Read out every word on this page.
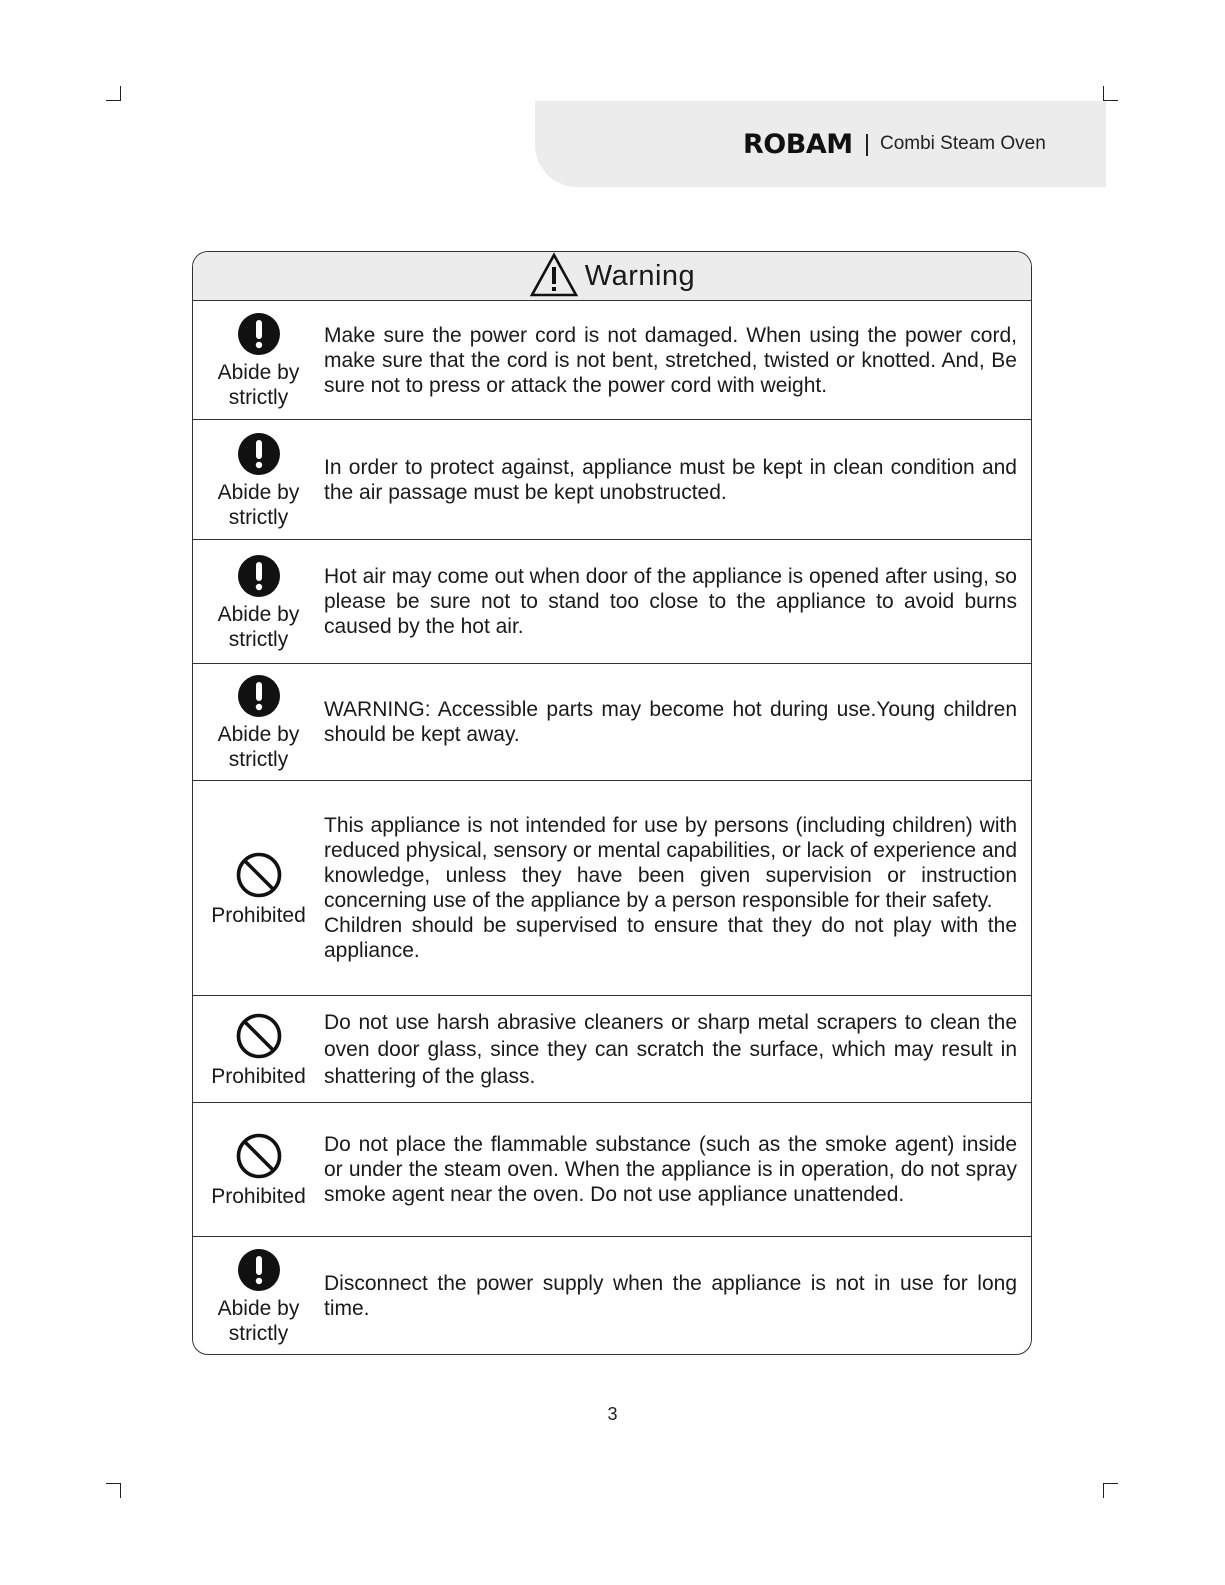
ROBAM Combi Steam Oven
Warning
Abide by
strictly

Make sure the power cord is not damaged. When using the power cord, make sure that the cord is not bent, stretched, twisted or knotted. And, Be sure not to press or attack the power cord with weight.

Abide by
strictly

In order to protect against, appliance must be kept in clean condition and the air passage must be kept unobstructed.

Abide by
strictly

Hot air may come out when door of the appliance is opened after using, so please be sure not to stand too close to the appliance to avoid burns caused by the hot air.

Abide by
strictly

WARNING: Accessible parts may become hot during use.Young children should be kept away.

Prohibited

This appliance is not intended for use by persons (including children) with reduced physical, sensory or mental capabilities, or lack of experience and knowledge, unless they have been given supervision or instruction concerning use of the appliance by a person responsible for their safety.

Children should be supervised to ensure that they do not play with the appliance.

Prohibited

Do not use harsh abrasive cleaners or sharp metal scrapers to clean the oven door glass, since they can scratch the surface, which may result in shattering of the glass.

Prohibited

Do not place the flammable substance (such as the smoke agent) inside or under the steam oven. When the appliance is in operation, do not spray smoke agent near the oven. Do not use appliance unattended.

Abide by
strictly

Disconnect the power supply when the appliance is not in use for long time.

3
